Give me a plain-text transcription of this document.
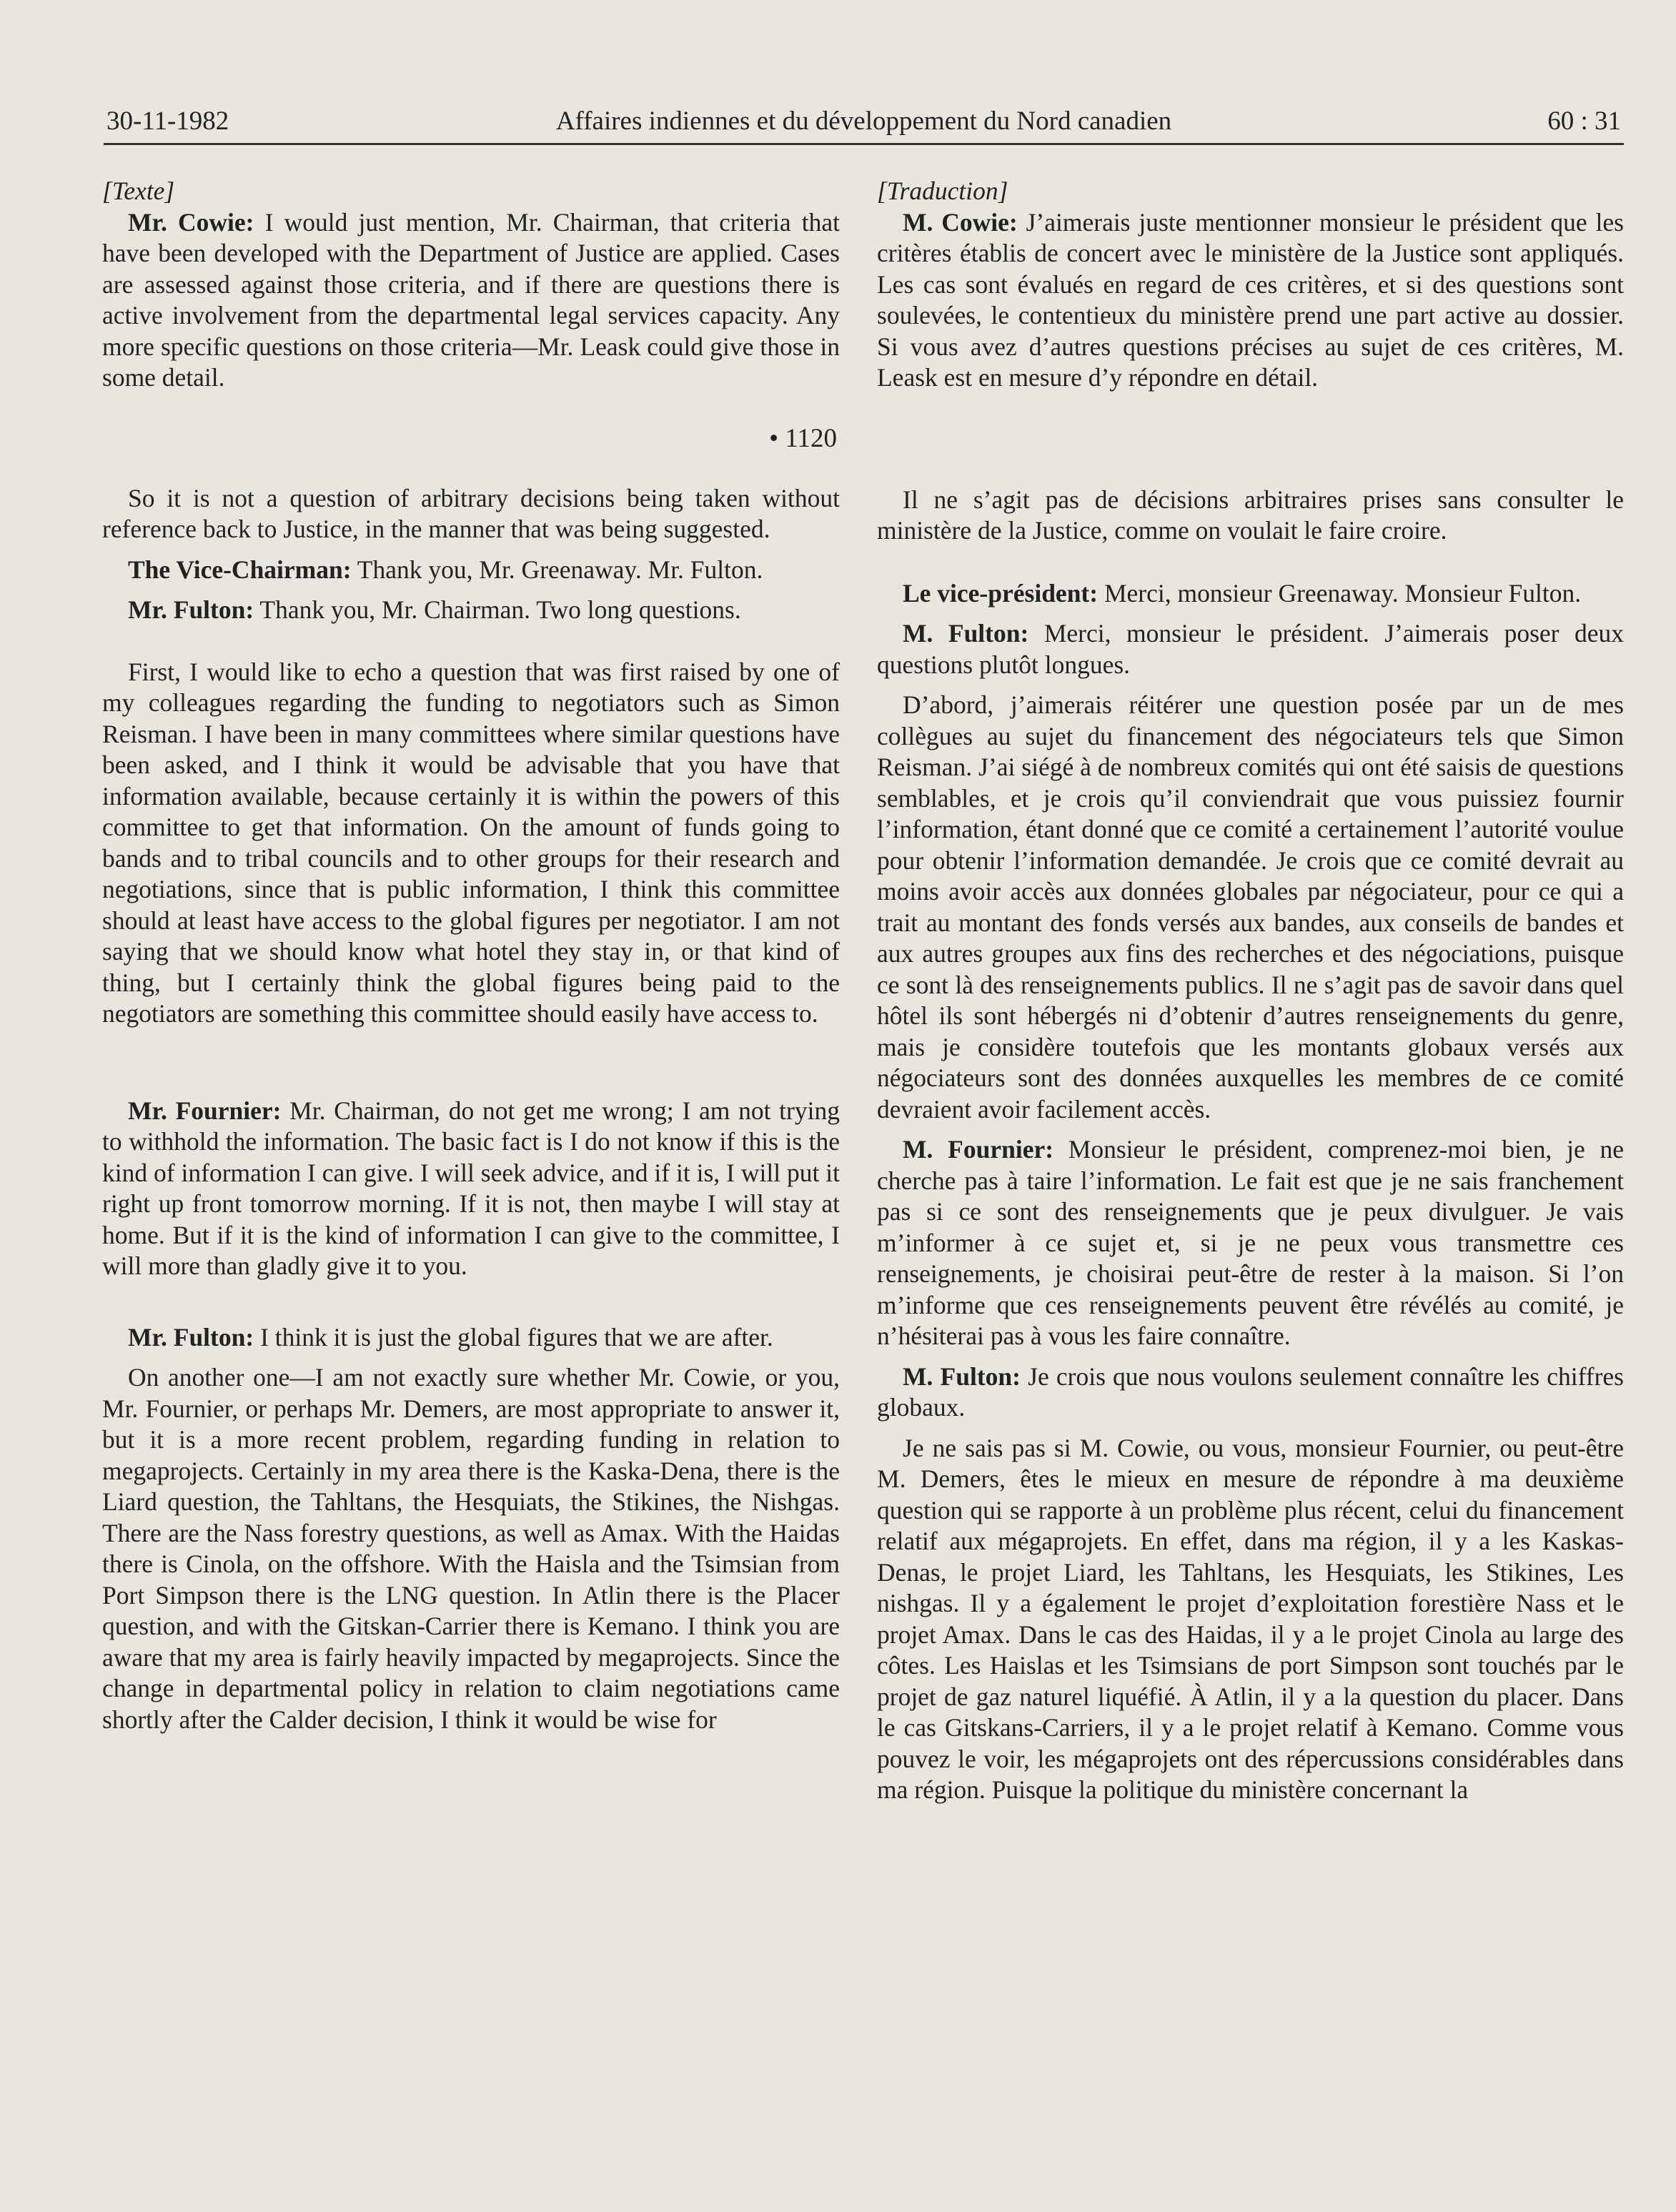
30-11-1982	Affaires indiennes et du développement du Nord canadien	60 : 31

[Texte]

Mr. Cowie: I would just mention, Mr. Chairman, that criteria that have been developed with the Department of Justice are applied. Cases are assessed against those criteria, and if there are questions there is active involvement from the departmental legal services capacity. Any more specific questions on those criteria—Mr. Leask could give those in some detail.

• 1120

So it is not a question of arbitrary decisions being taken without reference back to Justice, in the manner that was being suggested.

The Vice-Chairman: Thank you, Mr. Greenaway. Mr. Fulton.

Mr. Fulton: Thank you, Mr. Chairman. Two long questions.

First, I would like to echo a question that was first raised by one of my colleagues regarding the funding to negotiators such as Simon Reisman. I have been in many committees where similar questions have been asked, and I think it would be advisable that you have that information available, because certainly it is within the powers of this committee to get that information. On the amount of funds going to bands and to tribal councils and to other groups for their research and negotiations, since that is public information, I think this committee should at least have access to the global figures per negotiator. I am not saying that we should know what hotel they stay in, or that kind of thing, but I certainly think the global figures being paid to the negotiators are something this committee should easily have access to.

Mr. Fournier: Mr. Chairman, do not get me wrong; I am not trying to withhold the information. The basic fact is I do not know if this is the kind of information I can give. I will seek advice, and if it is, I will put it right up front tomorrow morning. If it is not, then maybe I will stay at home. But if it is the kind of information I can give to the committee, I will more than gladly give it to you.

Mr. Fulton: I think it is just the global figures that we are after.

On another one—I am not exactly sure whether Mr. Cowie, or you, Mr. Fournier, or perhaps Mr. Demers, are most appropriate to answer it, but it is a more recent problem, regarding funding in relation to megaprojects. Certainly in my area there is the Kaska-Dena, there is the Liard question, the Tahltans, the Hesquiats, the Stikines, the Nishgas. There are the Nass forestry questions, as well as Amax. With the Haidas there is Cinola, on the offshore. With the Haisla and the Tsimsian from Port Simpson there is the LNG question. In Atlin there is the Placer question, and with the Gitskan-Carrier there is Kemano. I think you are aware that my area is fairly heavily impacted by megaprojects. Since the change in departmental policy in relation to claim negotiations came shortly after the Calder decision, I think it would be wise for

[Traduction]

M. Cowie: J’aimerais juste mentionner monsieur le président que les critères établis de concert avec le ministère de la Justice sont appliqués. Les cas sont évalués en regard de ces critères, et si des questions sont soulevées, le contentieux du ministère prend une part active au dossier. Si vous avez d’autres questions précises au sujet de ces critères, M. Leask est en mesure d’y répondre en détail.

Il ne s’agit pas de décisions arbitraires prises sans consulter le ministère de la Justice, comme on voulait le faire croire.

Le vice-président: Merci, monsieur Greenaway. Monsieur Fulton.

M. Fulton: Merci, monsieur le président. J’aimerais poser deux questions plutôt longues.

D’abord, j’aimerais réitérer une question posée par un de mes collègues au sujet du financement des négociateurs tels que Simon Reisman. J’ai siégé à de nombreux comités qui ont été saisis de questions semblables, et je crois qu’il conviendrait que vous puissiez fournir l’information, étant donné que ce comité a certainement l’autorité voulue pour obtenir l’information demandée. Je crois que ce comité devrait au moins avoir accès aux données globales par négociateur, pour ce qui a trait au montant des fonds versés aux bandes, aux conseils de bandes et aux autres groupes aux fins des recherches et des négociations, puisque ce sont là des renseignements publics. Il ne s’agit pas de savoir dans quel hôtel ils sont hébergés ni d’obtenir d’autres renseignements du genre, mais je considère toutefois que les montants globaux versés aux négociateurs sont des données auxquelles les membres de ce comité devraient avoir facilement accès.

M. Fournier: Monsieur le président, comprenez-moi bien, je ne cherche pas à taire l’information. Le fait est que je ne sais franchement pas si ce sont des renseignements que je peux divulguer. Je vais m’informer à ce sujet et, si je ne peux vous transmettre ces renseignements, je choisirai peut-être de rester à la maison. Si l’on m’informe que ces renseignements peuvent être révélés au comité, je n’hésiterai pas à vous les faire connaître.

M. Fulton: Je crois que nous voulons seulement connaître les chiffres globaux.

Je ne sais pas si M. Cowie, ou vous, monsieur Fournier, ou peut-être M. Demers, êtes le mieux en mesure de répondre à ma deuxième question qui se rapporte à un problème plus récent, celui du financement relatif aux mégaprojets. En effet, dans ma région, il y a les Kaskas-Denas, le projet Liard, les Tahltans, les Hesquiats, les Stikines, Les nishgas. Il y a également le projet d’exploitation forestière Nass et le projet Amax. Dans le cas des Haidas, il y a le projet Cinola au large des côtes. Les Haislas et les Tsimsians de port Simpson sont touchés par le projet de gaz naturel liquéfié. À Atlin, il y a la question du placer. Dans le cas Gitskans-Carriers, il y a le projet relatif à Kemano. Comme vous pouvez le voir, les mégaprojets ont des répercussions considérables dans ma région. Puisque la politique du ministère concernant la
